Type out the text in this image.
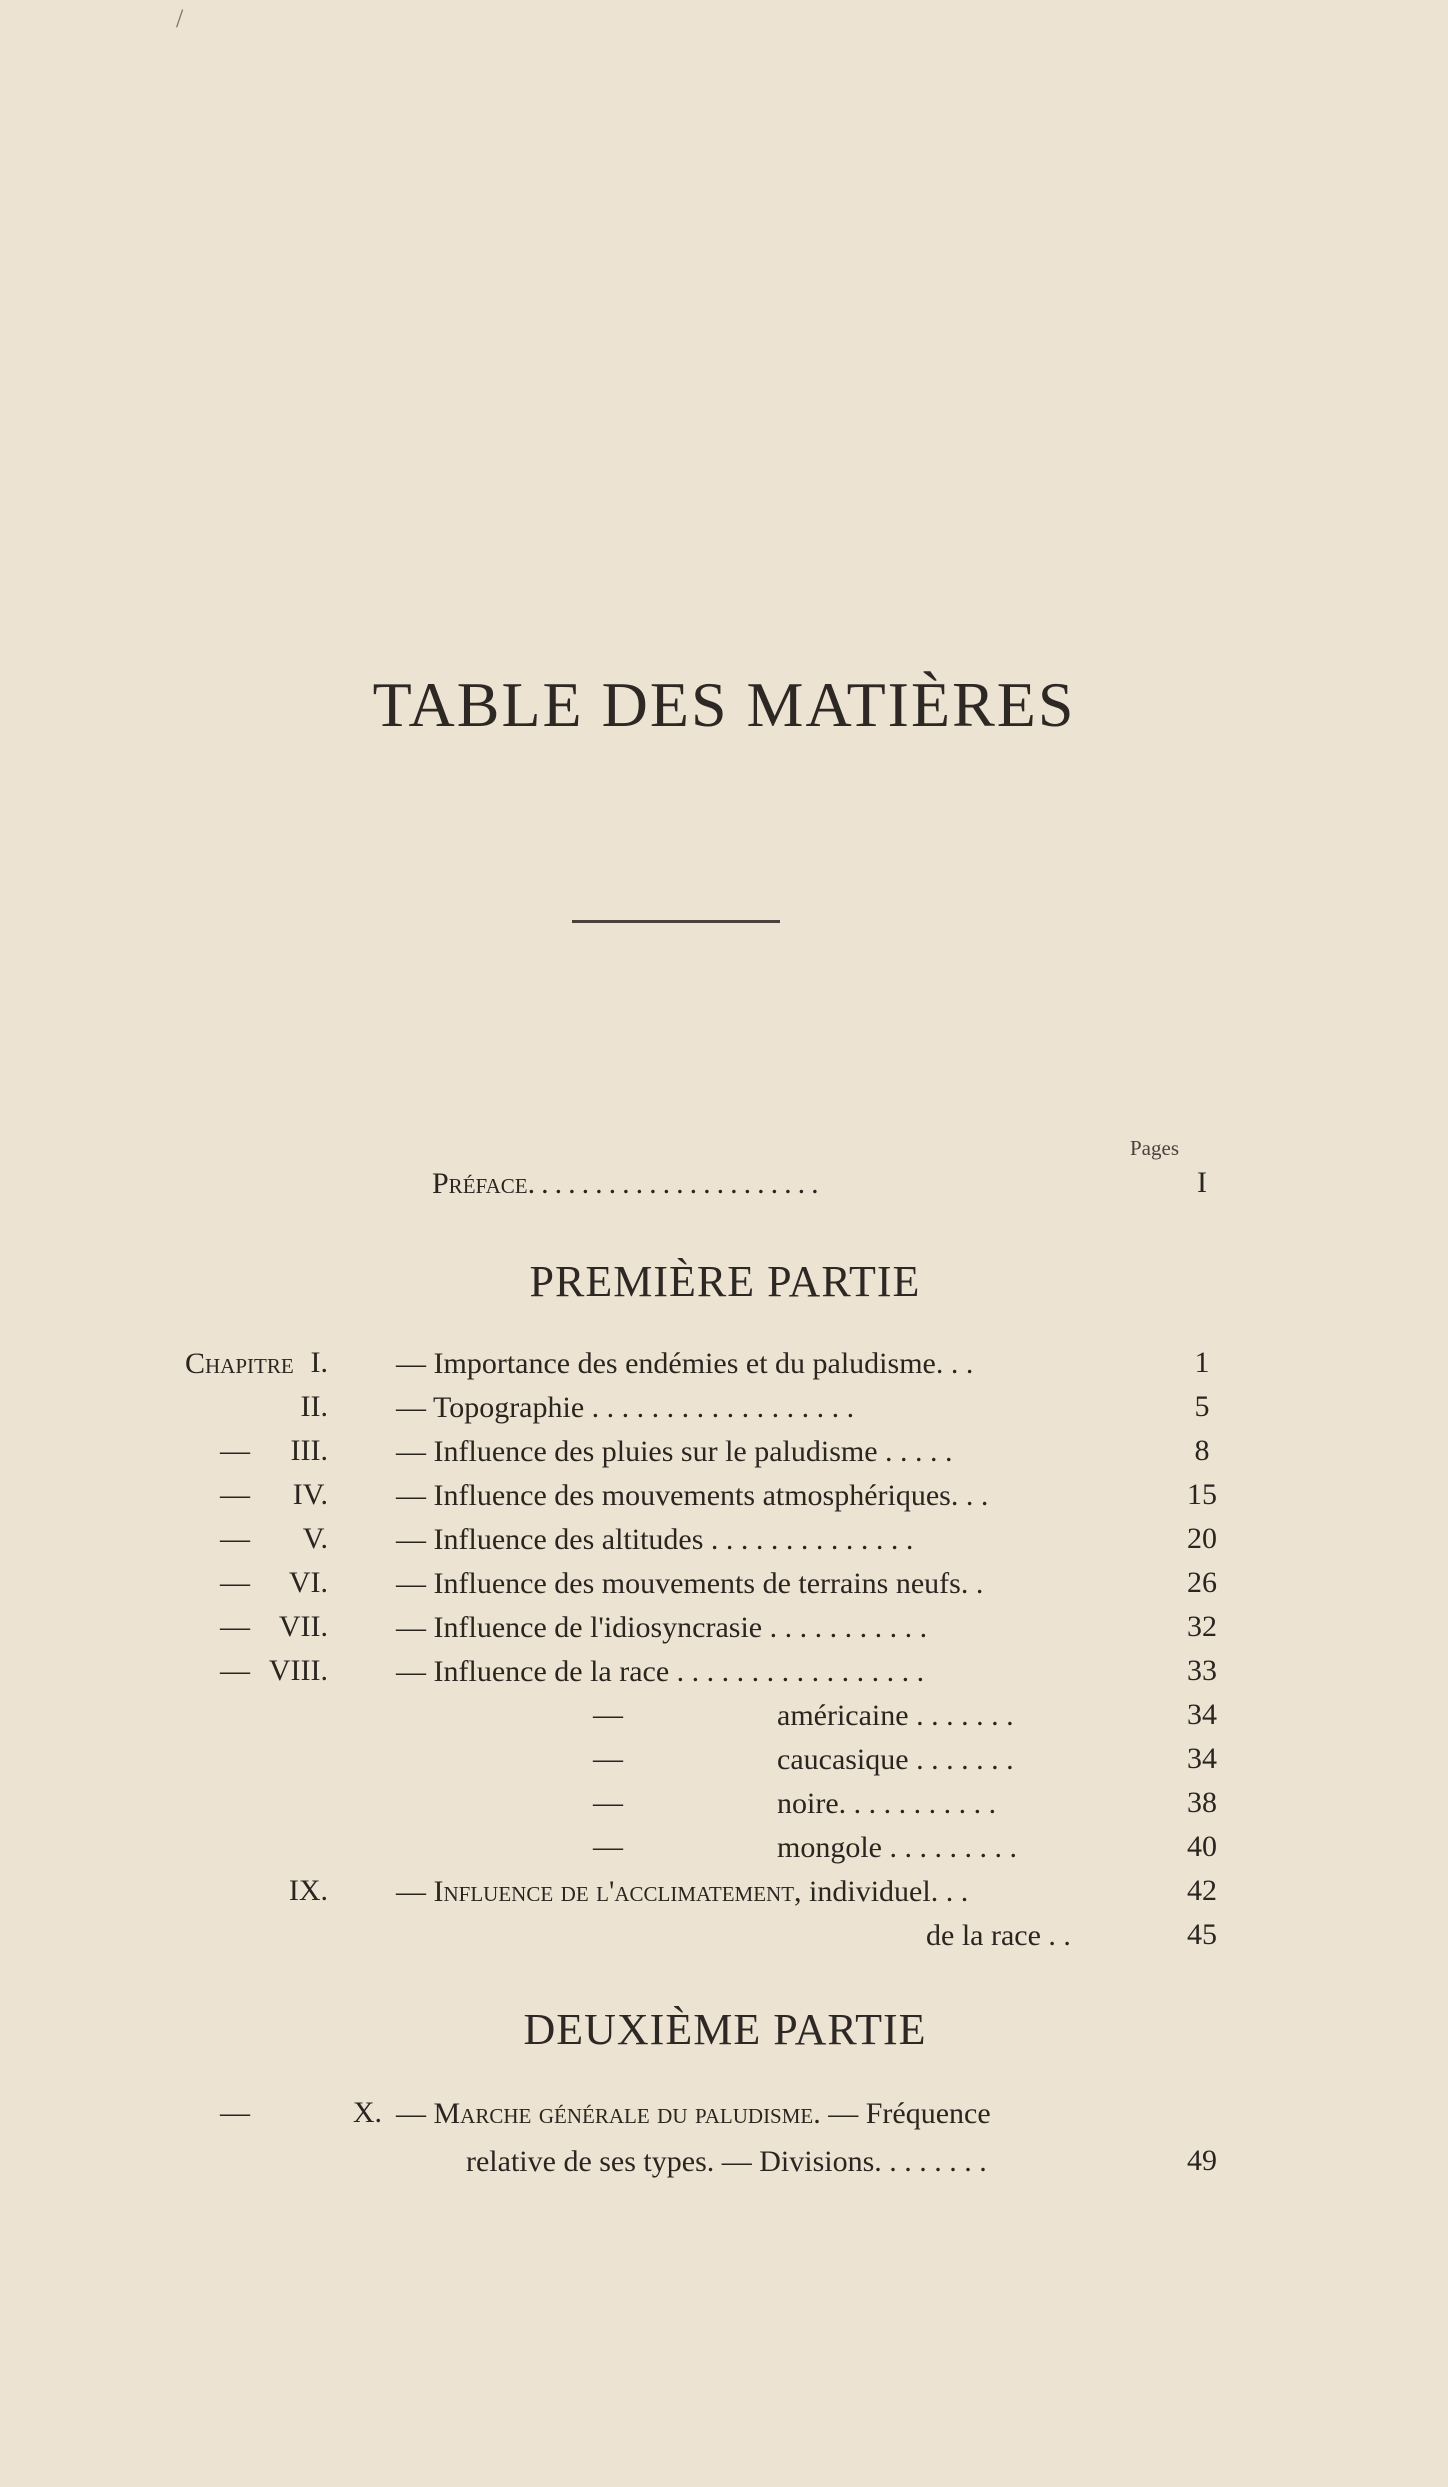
/
TABLE DES MATIÈRES
Pages
Préface......................	I
PREMIÈRE PARTIE
Chapitre I. — Importance des endémies et du paludisme. . .	1
II. — Topographie . . . . . . . . . . . . . . . . . .	5
—	III. — Influence des pluies sur le paludisme . . . . .	8
—	IV. — Influence des mouvements atmosphériques. . .	15
—	V. — Influence des altitudes . . . . . . . . . . . . . .	20
—	VI. — Influence des mouvements de terrains neufs. .	26
— VII. — Influence de l'idiosyncrasie . . . . . . . . . . .	32
— VIII. — Influence de la race . . . . . . . . . . . . . . . . .	33
—	américaine . . . . . . .	34
—	caucasique . . . . . . .	34
—	noire. . . . . . . . . . .	38
—	mongole . . . . . . . . .	40
IX. — Influence de l'acclimatement, individuel. . .	42
de la race . .	45
DEUXIÈME PARTIE
—	X. — Marche générale du paludisme. — Fréquence
relative de ses types. — Divisions. . . . . . . .	49
